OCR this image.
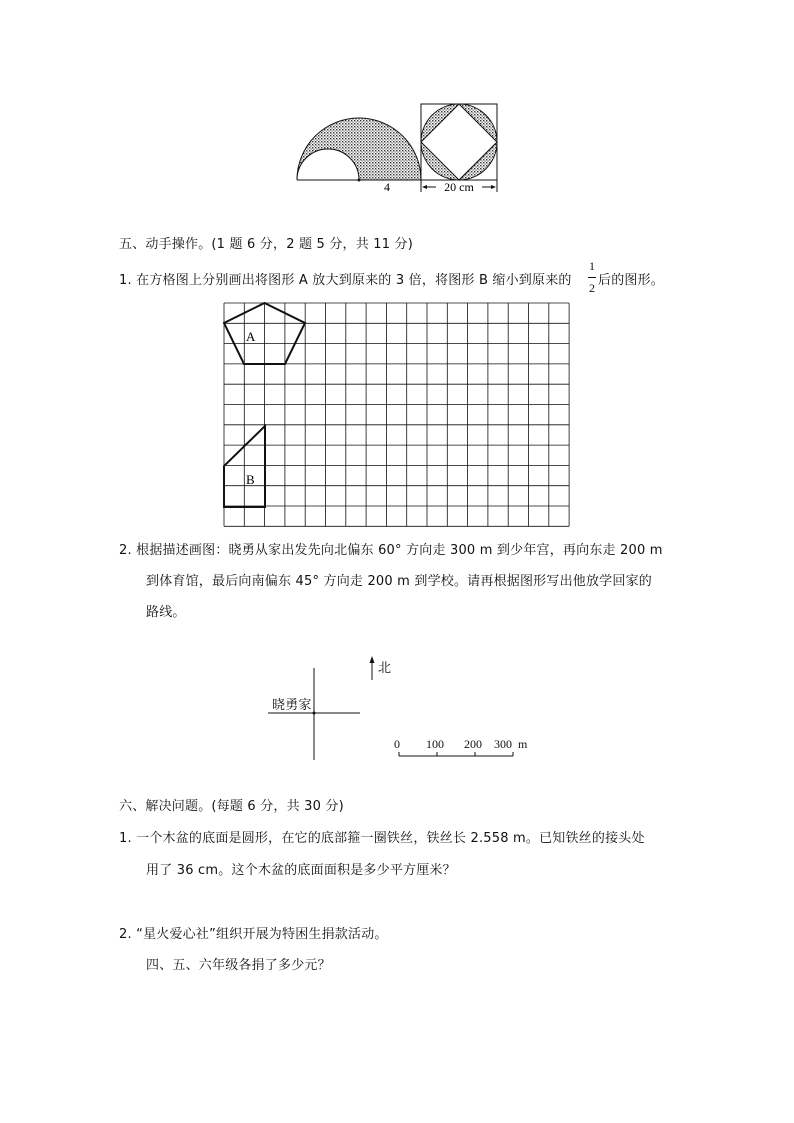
4	20 cm
五、动手操作。(1 题 6 分，2 题 5 分，共 11 分)
1. 在方格图上分别画出将图形 A 放大到原来的 3 倍，将图形 B 缩小到原来的
1
2 后的图形。
A
B
2. 根据描述画图：晓勇从家出发先向北偏东 60° 方向走 300 m 到少年宫，再向东走 200 m
到体育馆，最后向南偏东 45° 方向走 200 m 到学校。请再根据图形写出他放学回家的
路线。
北
晓勇家
0 100 200 300 m
六、解决问题。(每题 6 分，共 30 分)
1. 一个木盆的底面是圆形，在它的底部箍一圈铁丝，铁丝长 2.558 m。已知铁丝的接头处
用了 36 cm。这个木盆的底面面积是多少平方厘米？
2. “星火爱心社”组织开展为特困生捐款活动。
四、五、六年级各捐了多少元？
